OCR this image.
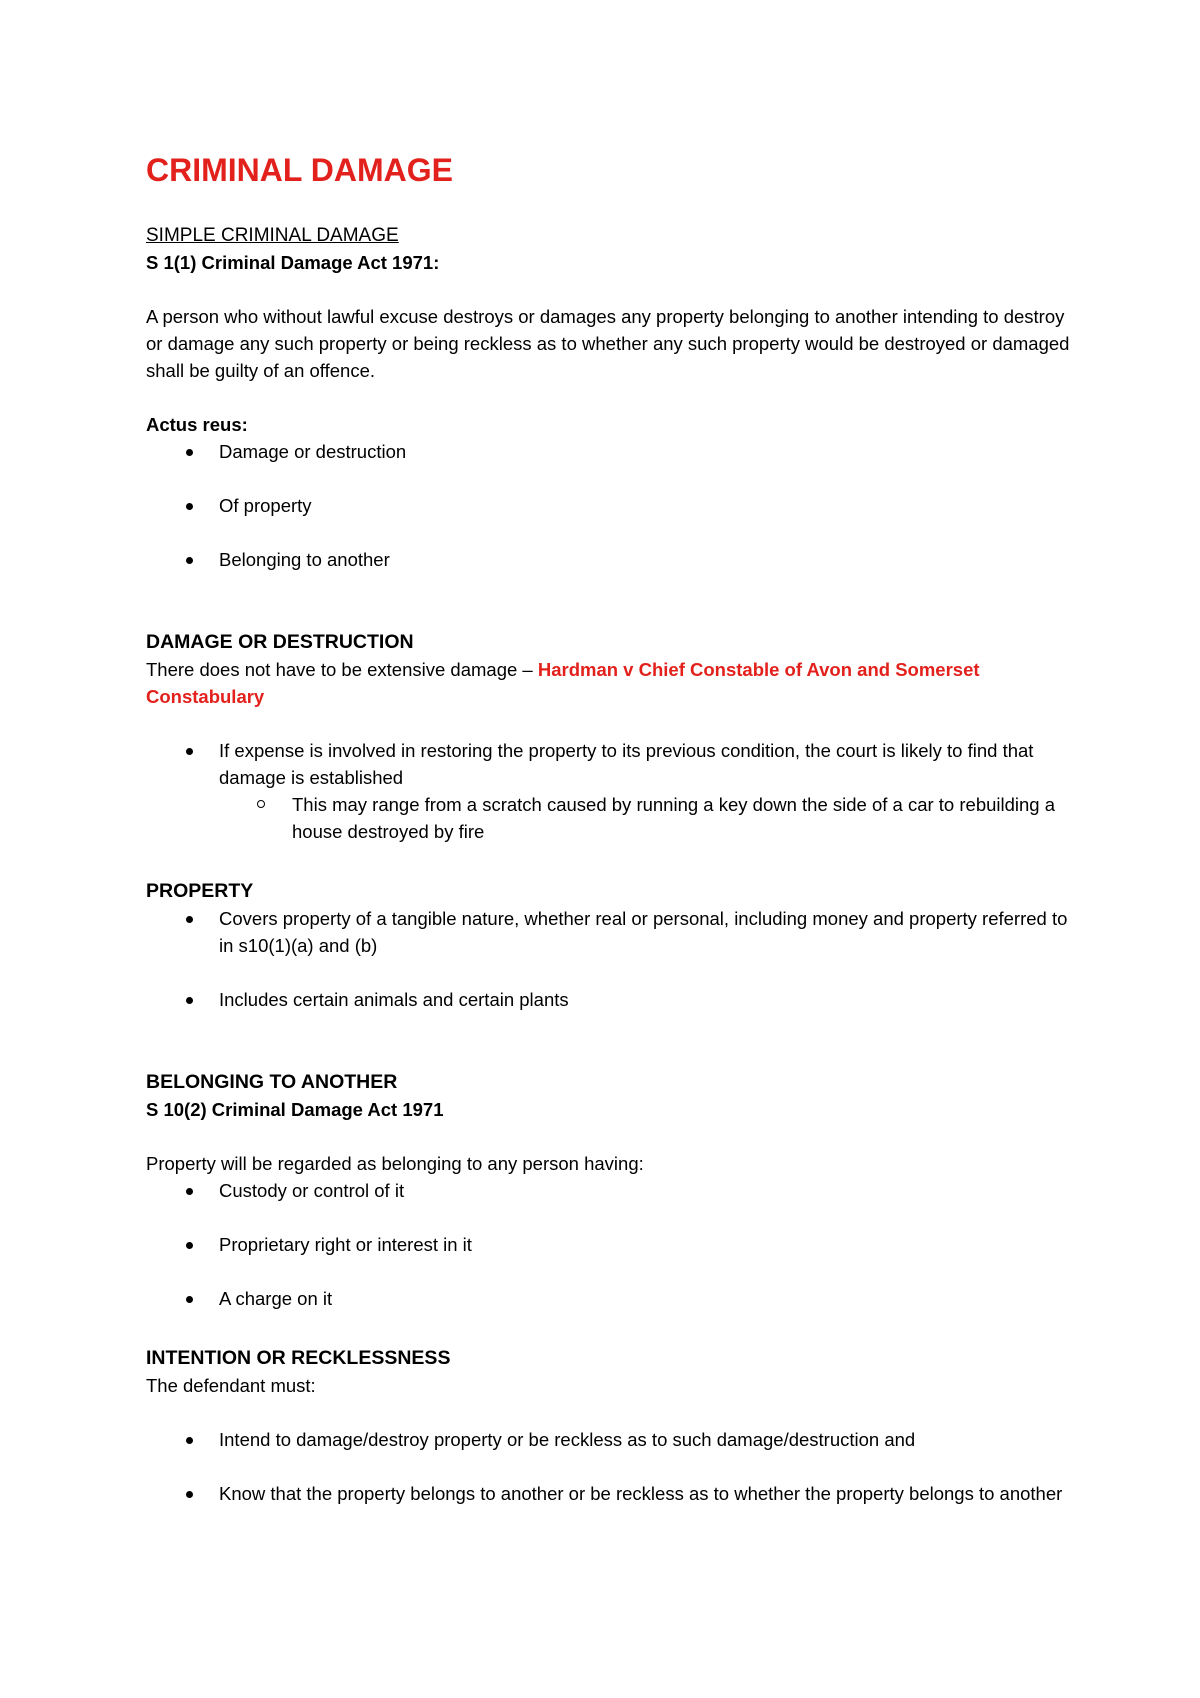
CRIMINAL DAMAGE
SIMPLE CRIMINAL DAMAGE

S 1(1) Criminal Damage Act 1971:

A person who without lawful excuse destroys or damages any property belonging to another intending to destroy or damage any such property or being reckless as to whether any such property would be destroyed or damaged shall be guilty of an offence.

Actus reus:

Damage or destruction
Of property
Belonging to another
DAMAGE OR DESTRUCTION

There does not have to be extensive damage – Hardman v Chief Constable of Avon and Somerset Constabulary

If expense is involved in restoring the property to its previous condition, the court is likely to find that damage is established
This may range from a scratch caused by running a key down the side of a car to rebuilding a house destroyed by fire
PROPERTY
Covers property of a tangible nature, whether real or personal, including money and property referred to in s10(1)(a) and (b)
Includes certain animals and certain plants
BELONGING TO ANOTHER

S 10(2) Criminal Damage Act 1971

Property will be regarded as belonging to any person having:

Custody or control of it
Proprietary right or interest in it
A charge on it
INTENTION OR RECKLESSNESS

The defendant must:

Intend to damage/destroy property or be reckless as to such damage/destruction and
Know that the property belongs to another or be reckless as to whether the property belongs to another
